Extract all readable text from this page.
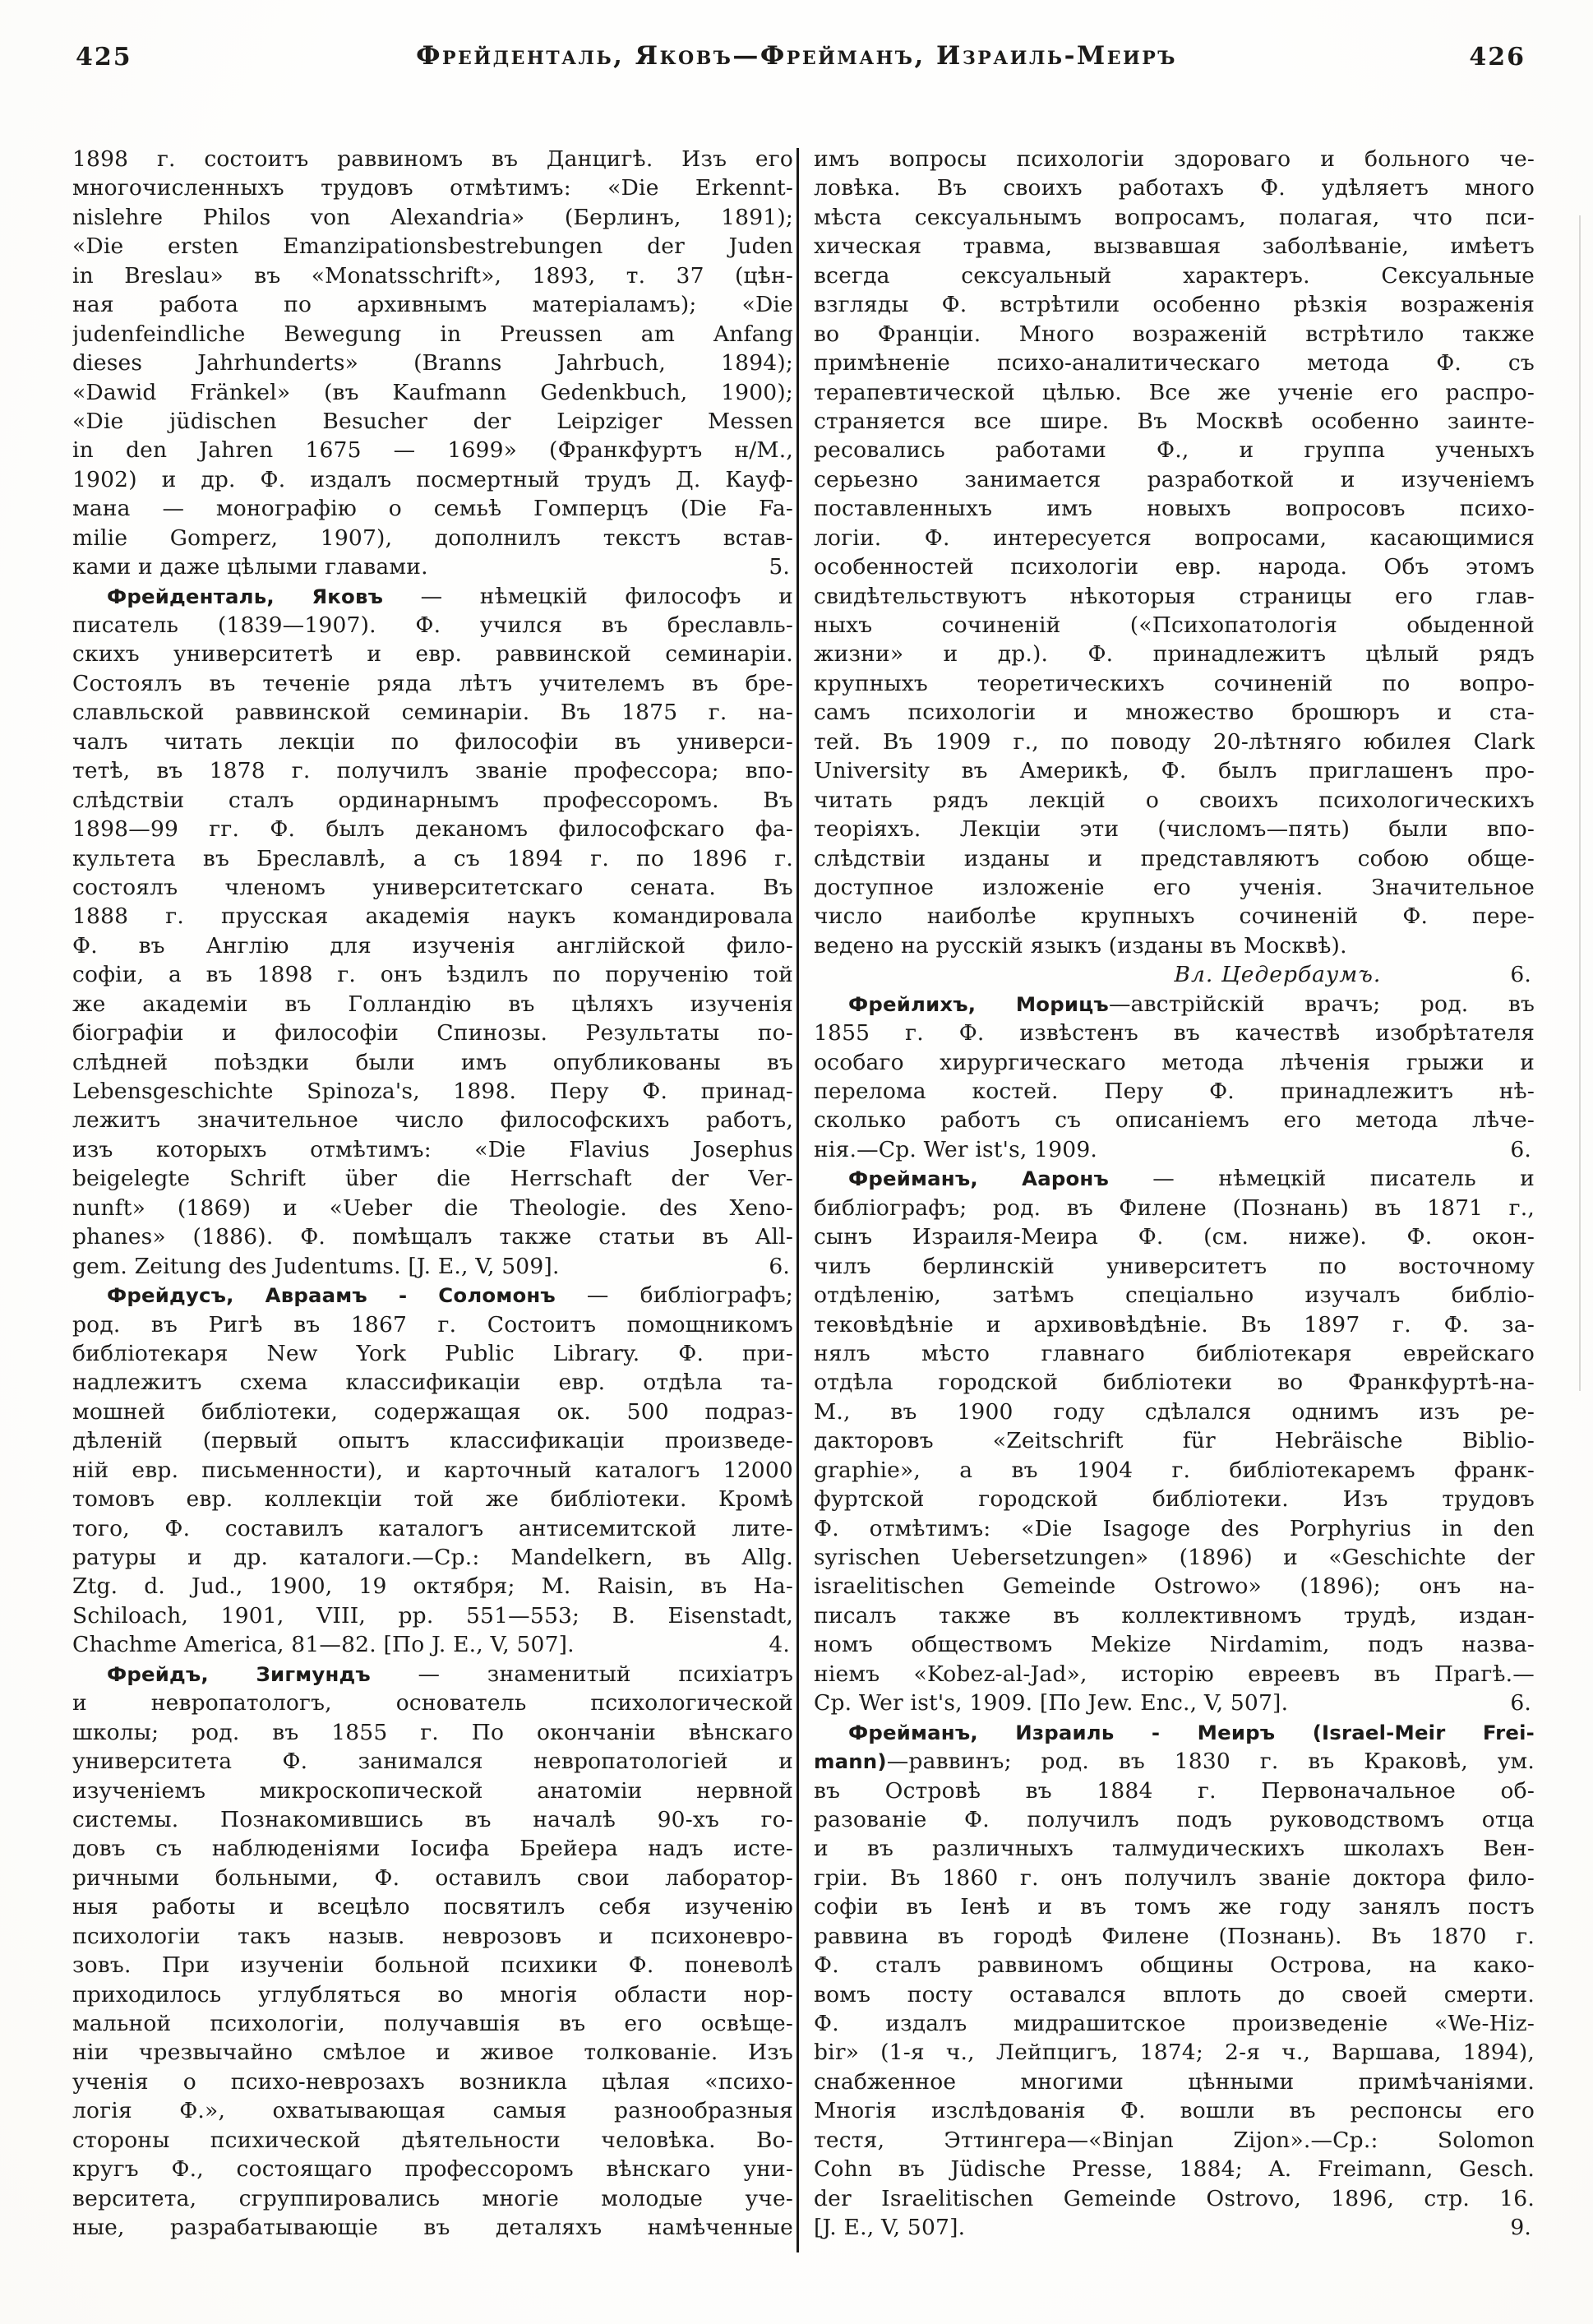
425	Фрейденталь, Яковъ—Фрейманъ, Израиль-Меиръ	426
1898 г. состоитъ раввиномъ въ Данцигѣ. Изъ его
многочисленныхъ трудовъ отмѣтимъ: «Die Erkennt-
nislehre Philos von Alexandria» (Берлинъ, 1891);
«Die ersten Emanzipationsbestrebungen der Juden
in Breslau» въ «Monatsschrift», 1893, т. 37 (цѣн-
ная работа по архивнымъ матеріаламъ); «Die
judenfeindliche Bewegung in Preussen am Anfang
dieses Jahrhunderts» (Branns Jahrbuch, 1894);
«Dawid Fränkel» (въ Kaufmann Gedenkbuch, 1900);
«Die jüdischen Besucher der Leipziger Messen
in den Jahren 1675 — 1699» (Франкфуртъ н/М.,
1902) и др. Ф. издалъ посмертный трудъ Д. Кауф-
мана — монографію о семьѣ Гомперцъ (Die Fa-
milie Gomperz, 1907), дополнилъ текстъ встав-
ками и даже цѣлыми главами.	5.
Фрейденталь, Яковъ — нѣмецкій философъ и
писатель (1839—1907). Ф. учился въ бреславль-
скихъ университетѣ и евр. раввинской семинаріи.
Состоялъ въ теченіе ряда лѣтъ учителемъ въ бре-
славльской раввинской семинаріи. Въ 1875 г. на-
чалъ читать лекціи по философіи въ универси-
тетѣ, въ 1878 г. получилъ званіе профессора; впо-
слѣдствіи сталъ ординарнымъ профессоромъ. Въ
1898—99 гг. Ф. былъ деканомъ философскаго фа-
культета въ Бреславлѣ, а съ 1894 г. по 1896 г.
состоялъ членомъ университетскаго сената. Въ
1888 г. прусская академія наукъ командировала
Ф. въ Англію для изученія англійской фило-
софіи, а въ 1898 г. онъ ѣздилъ по порученію той
же академіи въ Голландію въ цѣляхъ изученія
біографіи и философіи Спинозы. Результаты по-
слѣдней поѣздки были имъ опубликованы въ
Lebensgeschichte Spinoza's, 1898. Перу Ф. принад-
лежитъ значительное число философскихъ работъ,
изъ которыхъ отмѣтимъ: «Die Flavius Josephus
beigelegte Schrift über die Herrschaft der Ver-
nunft» (1869) и «Ueber die Theologie. des Xeno-
phanes» (1886). Ф. помѣщалъ также статьи въ All-
gem. Zeitung des Judentums. [J. E., V, 509].	6.
Фрейдусъ, Авраамъ - Соломонъ — библіографъ;
род. въ Ригѣ въ 1867 г. Состоитъ помощникомъ
библіотекаря New York Public Library. Ф. при-
надлежитъ схема классификаціи евр. отдѣла та-
мошней библіотеки, содержащая ок. 500 подраз-
дѣленій (первый опытъ классификаціи произведе-
ній евр. письменности), и карточный каталогъ 12000
томовъ евр. коллекціи той же библіотеки. Кромѣ
того, Ф. составилъ каталогъ антисемитской лите-
ратуры и др. каталоги.—Ср.: Mandelkern, въ Allg.
Ztg. d. Jud., 1900, 19 октября; M. Raisin, въ Ha-
Schiloach, 1901, VIII, pp. 551—553; B. Eisenstadt,
Chachme America, 81—82. [По J. E., V, 507].	4.
Фрейдъ, Зигмундъ — знаменитый психіатръ
и невропатологъ, основатель психологической
школы; род. въ 1855 г. По окончаніи вѣнскаго
университета Ф. занимался невропатологіей и
изученіемъ микроскопической анатоміи нервной
системы. Познакомившись въ началѣ 90-хъ го-
довъ съ наблюденіями Іосифа Брейера надъ исте-
ричными больными, Ф. оставилъ свои лаборатор-
ныя работы и всецѣло посвятилъ себя изученію
психологіи такъ назыв. неврозовъ и психоневро-
зовъ. При изученіи больной психики Ф. поневолѣ
приходилось углубляться во многія области нор-
мальной психологіи, получавшія въ его освѣще-
ніи чрезвычайно смѣлое и живое толкованіе. Изъ
ученія о психо-неврозахъ возникла цѣлая «психо-
логія Ф.», охватывающая самыя разнообразныя
стороны психической дѣятельности человѣка. Во-
кругъ Ф., состоящаго профессоромъ вѣнскаго уни-
верситета, сгруппировались многіе молодые уче-
ные, разрабатывающіе въ деталяхъ намѣченные
имъ вопросы психологіи здороваго и больного че-
ловѣка. Въ своихъ работахъ Ф. удѣляетъ много
мѣста сексуальнымъ вопросамъ, полагая, что пси-
хическая травма, вызвавшая заболѣваніе, имѣетъ
всегда сексуальный характеръ. Сексуальные
взгляды Ф. встрѣтили особенно рѣзкія возраженія
во Франціи. Много возраженій встрѣтило также
примѣненіе психо-аналитическаго метода Ф. съ
терапевтической цѣлью. Все же ученіе его распро-
страняется все шире. Въ Москвѣ особенно заинте-
ресовались работами Ф., и группа ученыхъ
серьезно занимается разработкой и изученіемъ
поставленныхъ имъ новыхъ вопросовъ психо-
логіи. Ф. интересуется вопросами, касающимися
особенностей психологіи евр. народа. Объ этомъ
свидѣтельствуютъ нѣкоторыя страницы его глав-
ныхъ сочиненій («Психопатологія обыденной
жизни» и др.). Ф. принадлежитъ цѣлый рядъ
крупныхъ теоретическихъ сочиненій по вопро-
самъ психологіи и множество брошюръ и ста-
тей. Въ 1909 г., по поводу 20-лѣтняго юбилея Clark
University въ Америкѣ, Ф. былъ приглашенъ про-
читать рядъ лекцій о своихъ психологическихъ
теоріяхъ. Лекціи эти (числомъ—пять) были впо-
слѣдствіи изданы и представляютъ собою обще-
доступное изложеніе его ученія. Значительное
число наиболѣе крупныхъ сочиненій Ф. пере-
ведено на русскій языкъ (изданы въ Москвѣ).
Вл. Цедербаумъ.	6.
Фрейлихъ, Морицъ—австрійскій врачъ; род. въ
1855 г. Ф. извѣстенъ въ качествѣ изобрѣтателя
особаго хирургическаго метода лѣченія грыжи и
перелома костей. Перу Ф. принадлежитъ нѣ-
сколько работъ съ описаніемъ его метода лѣче-
нія.—Ср. Wer ist's, 1909.	6.
Фрейманъ, Ааронъ — нѣмецкій писатель и
библіографъ; род. въ Филене (Познань) въ 1871 г.,
сынъ Израиля-Меира Ф. (см. ниже). Ф. окон-
чилъ берлинскій университетъ по восточному
отдѣленію, затѣмъ спеціально изучалъ библіо-
тековѣдѣніе и архивовѣдѣніе. Въ 1897 г. Ф. за-
нялъ мѣсто главнаго библіотекаря еврейскаго
отдѣла городской библіотеки во Франкфуртѣ-на-
М., въ 1900 году сдѣлался однимъ изъ ре-
дакторовъ «Zeitschrift für Hebräische Biblio-
graphie», а въ 1904 г. библіотекаремъ франк-
фуртской городской библіотеки. Изъ трудовъ
Ф. отмѣтимъ: «Die Isagoge des Porphyrius in den
syrischen Uebersetzungen» (1896) и «Geschichte der
israelitischen Gemeinde Ostrowo» (1896); онъ на-
писалъ также въ коллективномъ трудѣ, издан-
номъ обществомъ Mekize Nirdamim, подъ назва-
ніемъ «Kobez-al-Jad», исторію евреевъ въ Прагѣ.—
Ср. Wer ist's, 1909. [По Jew. Enc., V, 507].	6.
Фрейманъ, Израиль - Меиръ (Israel-Meir Frei-
mann)—раввинъ; род. въ 1830 г. въ Краковѣ, ум.
въ Островѣ въ 1884 г. Первоначальное об-
разованіе Ф. получилъ подъ руководствомъ отца
и въ различныхъ талмудическихъ школахъ Вен-
гріи. Въ 1860 г. онъ получилъ званіе доктора фило-
софіи въ Іенѣ и въ томъ же году занялъ постъ
раввина въ городѣ Филене (Познань). Въ 1870 г.
Ф. сталъ раввиномъ общины Острова, на како-
вомъ посту оставался вплоть до своей смерти.
Ф. издалъ мидрашитское произведеніе «We-Hiz-
bir» (1-я ч., Лейпцигъ, 1874; 2-я ч., Варшава, 1894),
снабженное многими цѣнными примѣчаніями.
Многія изслѣдованія Ф. вошли въ респонсы его
тестя, Эттингера—«Binjan Zijon».—Ср.: Solomon
Cohn въ Jüdische Presse, 1884; A. Freimann, Gesch.
der Israelitischen Gemeinde Ostrovo, 1896, стр. 16.
[J. E., V, 507].	9.
